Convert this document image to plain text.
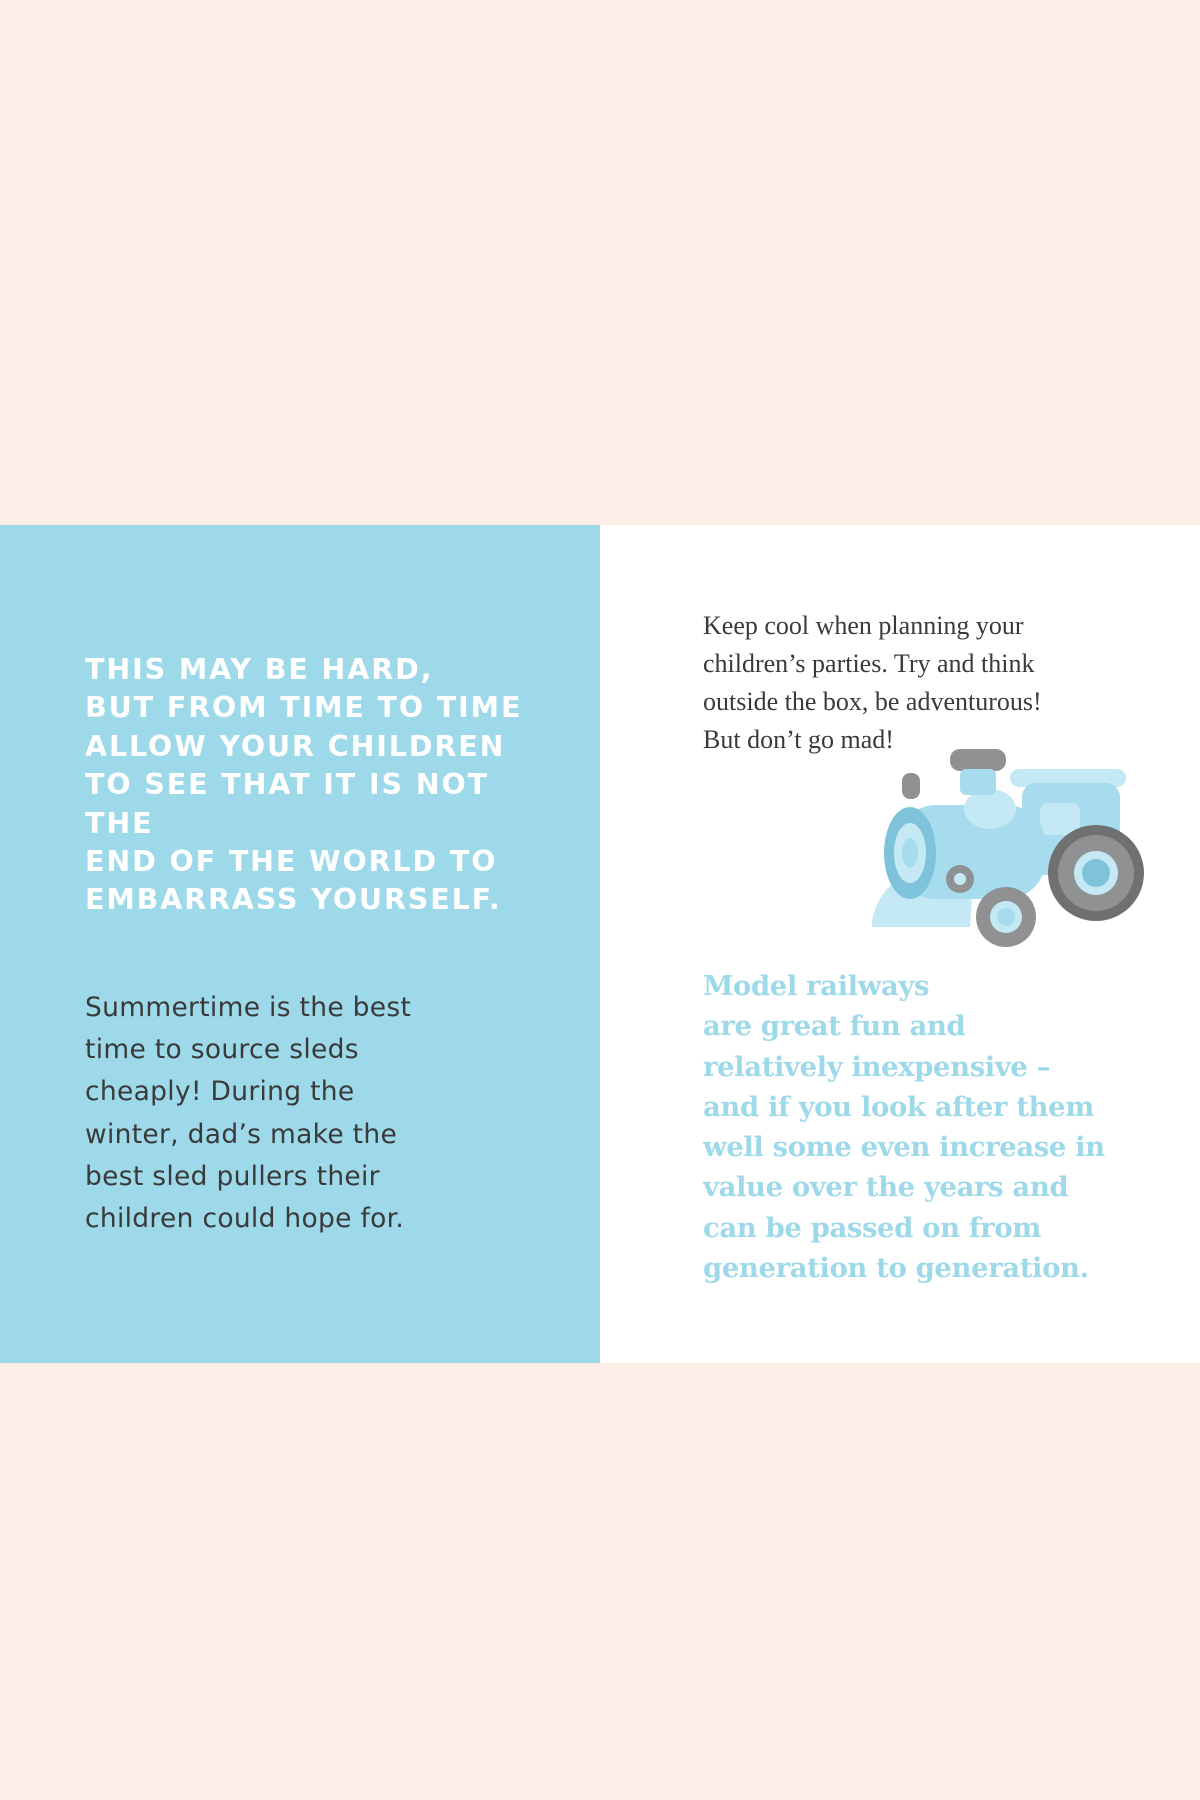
THIS MAY BE HARD,
BUT FROM TIME TO TIME
ALLOW YOUR CHILDREN
TO SEE THAT IT IS NOT THE
END OF THE WORLD TO
EMBARRASS YOURSELF.

Summertime is the best
time to source sleds
cheaply! During the
winter, dad’s make the
best sled pullers their
children could hope for.

Keep cool when planning your
children’s parties. Try and think
outside the box, be adventurous!
But don’t go mad!

Model railways
are great fun and
relatively inexpensive –
and if you look after them
well some even increase in
value over the years and
can be passed on from
generation to generation.
